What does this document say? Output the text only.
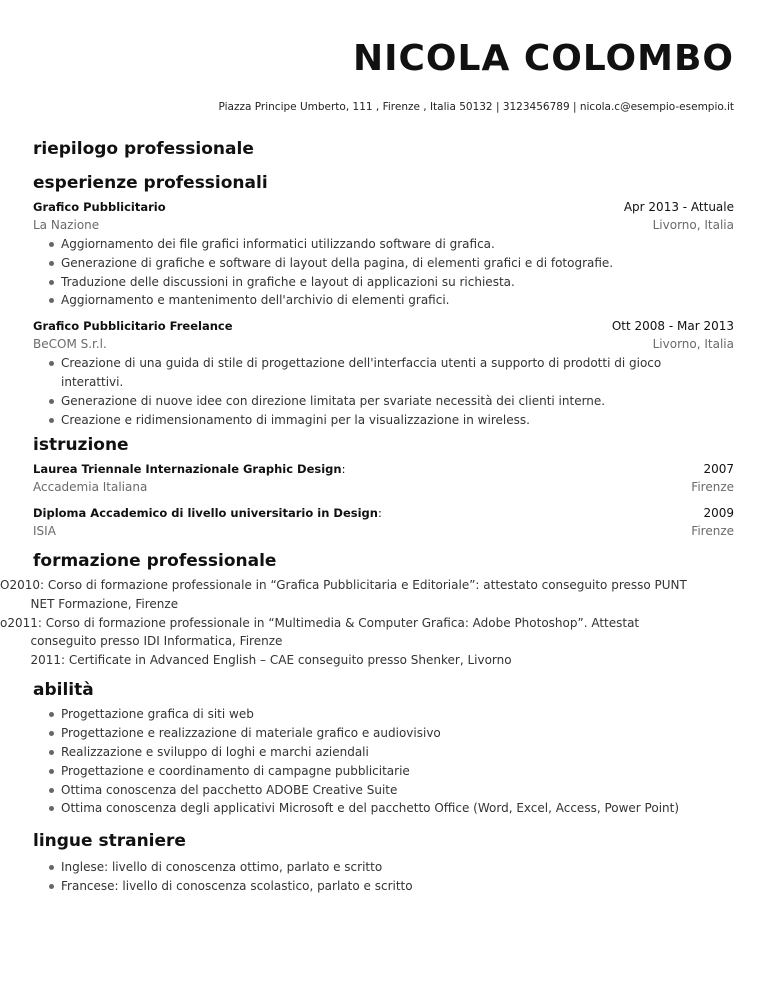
NICOLA COLOMBO
Piazza Principe Umberto, 111 , Firenze , Italia 50132 | 3123456789 | nicola.c@esempio-esempio.it
riepilogo professionale
esperienze professionali
Grafico Pubblicitario	Apr 2013 - Attuale
La Nazione	Livorno, Italia
Aggiornamento dei file grafici informatici utilizzando software di grafica.
Generazione di grafiche e software di layout della pagina, di elementi grafici e di fotografie.
Traduzione delle discussioni in grafiche e layout di applicazioni su richiesta.
Aggiornamento e mantenimento dell'archivio di elementi grafici.
Grafico Pubblicitario Freelance	Ott 2008 - Mar 2013
BeCOM S.r.l.	Livorno, Italia
Creazione di una guida di stile di progettazione dell'interfaccia utenti a supporto di prodotti di gioco
interattivi.
Generazione di nuove idee con direzione limitata per svariate necessità dei clienti interne.
Creazione e ridimensionamento di immagini per la visualizzazione in wireless.
istruzione
Laurea Triennale Internazionale Graphic Design:	2007
Accademia Italiana	Firenze
Diploma Accademico di livello universitario in Design:	2009
ISIA	Firenze
formazione professionale
O2010: Corso di formazione professionale in “Grafica Pubblicitaria e Editoriale”: attestato conseguito presso PUNT
NET Formazione, Firenze
o2011: Corso di formazione professionale in “Multimedia & Computer Grafica: Adobe Photoshop”. Attestat
conseguito presso IDI Informatica, Firenze
2011: Certificate in Advanced English – CAE conseguito presso Shenker, Livorno
abilità
Progettazione grafica di siti web
Progettazione e realizzazione di materiale grafico e audiovisivo
Realizzazione e sviluppo di loghi e marchi aziendali
Progettazione e coordinamento di campagne pubblicitarie
Ottima conoscenza del pacchetto ADOBE Creative Suite
Ottima conoscenza degli applicativi Microsoft e del pacchetto Office (Word, Excel, Access, Power Point)
lingue straniere
Inglese: livello di conoscenza ottimo, parlato e scritto
Francese: livello di conoscenza scolastico, parlato e scritto
